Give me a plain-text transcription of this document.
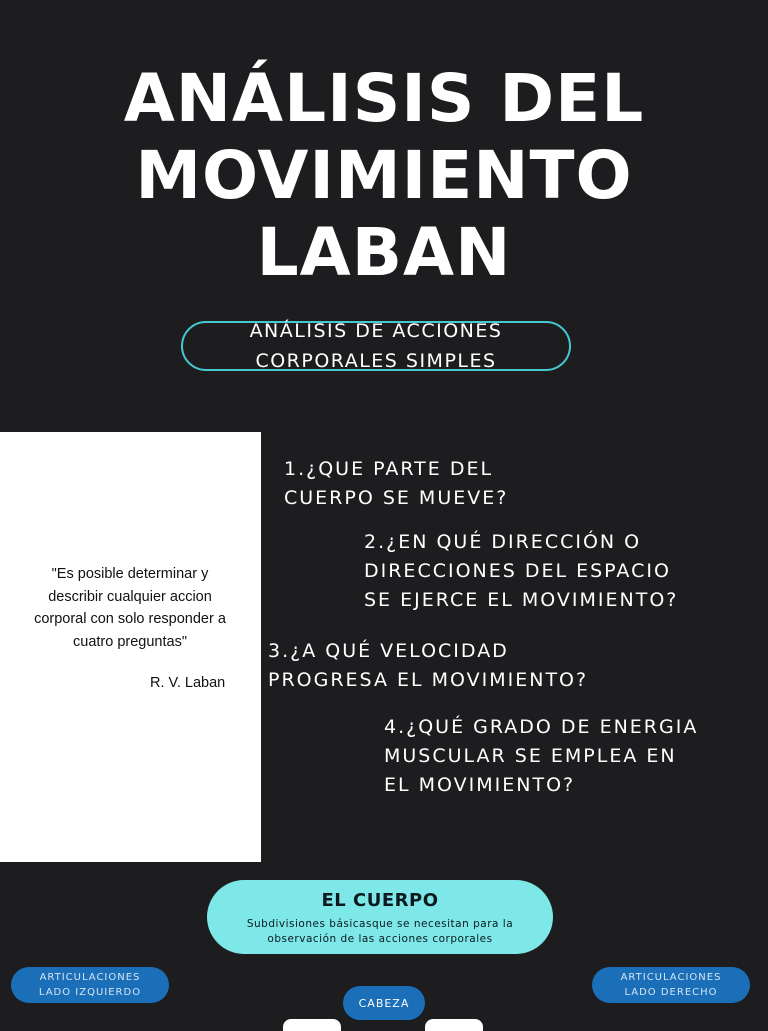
ANÁLISIS DEL
MOVIMIENTO
LABAN
ANÁLISIS DE ACCIONES
CORPORALES SIMPLES
"Es posible determinar y
describir cualquier accion
corporal con solo responder a
cuatro preguntas"
R. V. Laban
1.¿QUE PARTE DEL
CUERPO SE MUEVE?
2.¿EN QUÉ DIRECCIÓN O
DIRECCIONES DEL ESPACIO
SE EJERCE EL MOVIMIENTO?
3.¿A QUÉ VELOCIDAD
PROGRESA EL MOVIMIENTO?
4.¿QUÉ GRADO DE ENERGIA
MUSCULAR SE EMPLEA EN
EL MOVIMIENTO?
EL CUERPO
Subdivisiones básicasque se necesitan para la
observación de las acciones corporales
ARTICULACIONES
LADO IZQUIERDO
ARTICULACIONES
LADO DERECHO
CABEZA
